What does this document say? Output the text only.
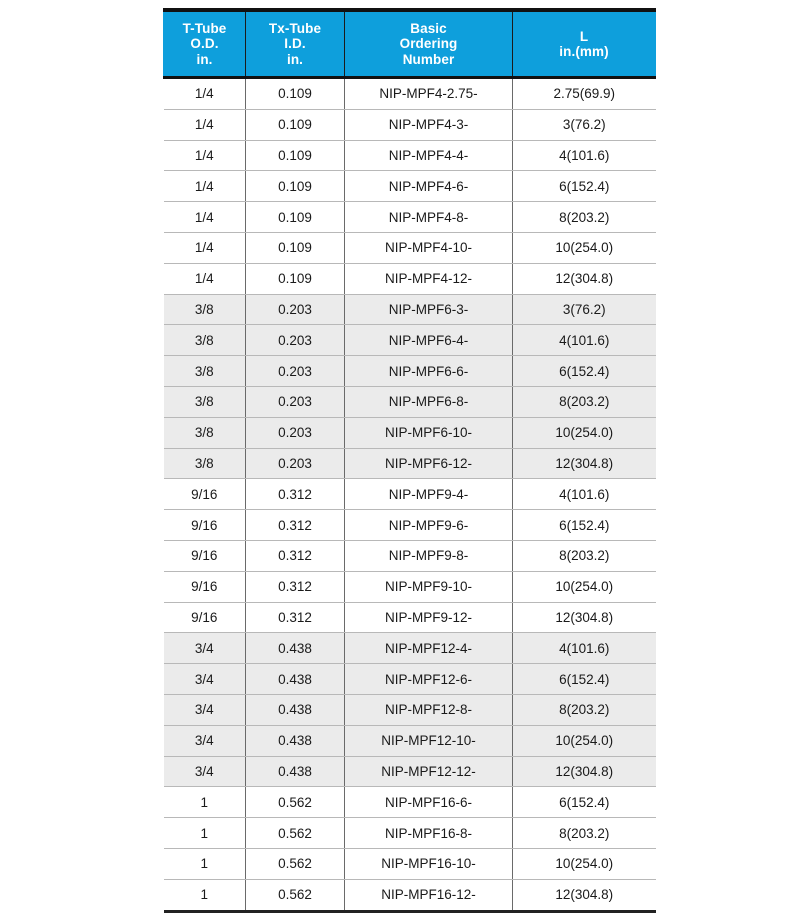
T-Tube
O.D.
in.	Tx-Tube
I.D.
in.	Basic
Ordering
Number	L
in.(mm)

1/4	0.109	NIP-MPF4-2.75-	2.75(69.9)
1/4	0.109	NIP-MPF4-3-	3(76.2)
1/4	0.109	NIP-MPF4-4-	4(101.6)
1/4	0.109	NIP-MPF4-6-	6(152.4)
1/4	0.109	NIP-MPF4-8-	8(203.2)
1/4	0.109	NIP-MPF4-10-	10(254.0)
1/4	0.109	NIP-MPF4-12-	12(304.8)
3/8	0.203	NIP-MPF6-3-	3(76.2)
3/8	0.203	NIP-MPF6-4-	4(101.6)
3/8	0.203	NIP-MPF6-6-	6(152.4)
3/8	0.203	NIP-MPF6-8-	8(203.2)
3/8	0.203	NIP-MPF6-10-	10(254.0)
3/8	0.203	NIP-MPF6-12-	12(304.8)
9/16	0.312	NIP-MPF9-4-	4(101.6)
9/16	0.312	NIP-MPF9-6-	6(152.4)
9/16	0.312	NIP-MPF9-8-	8(203.2)
9/16	0.312	NIP-MPF9-10-	10(254.0)
9/16	0.312	NIP-MPF9-12-	12(304.8)
3/4	0.438	NIP-MPF12-4-	4(101.6)
3/4	0.438	NIP-MPF12-6-	6(152.4)
3/4	0.438	NIP-MPF12-8-	8(203.2)
3/4	0.438	NIP-MPF12-10-	10(254.0)
3/4	0.438	NIP-MPF12-12-	12(304.8)
1	0.562	NIP-MPF16-6-	6(152.4)
1	0.562	NIP-MPF16-8-	8(203.2)
1	0.562	NIP-MPF16-10-	10(254.0)
1	0.562	NIP-MPF16-12-	12(304.8)
